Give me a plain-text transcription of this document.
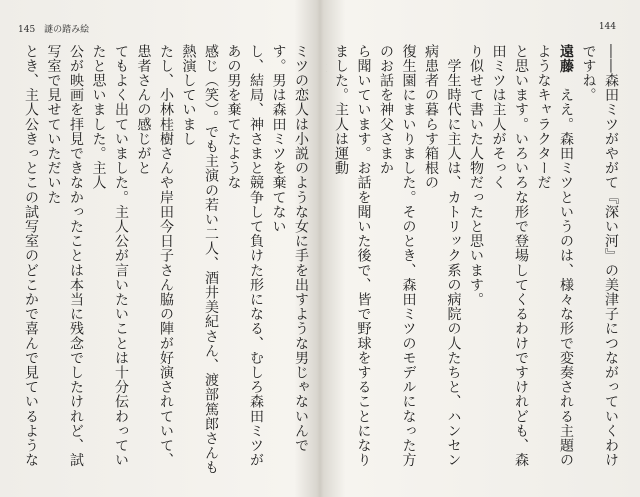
145 謎の踏み絵
ミツの恋人は小説のような女に手を出すような男じゃないんです。男は森田ミツを棄てない
し、結局、神さまと競争して負けた形になる、むしろ森田ミツがあの男を棄てたような
感じ（笑）。でも主演の若い二人、酒井美紀さん、渡部篤郎さんも熱演していまし
たし、小林桂樹さんや岸田今日子さん脇の陣が好演されていて、患者さんの感じがと
てもよく出ていました。主人公が言いたいことは十分伝わっていたと思いました。主人
公が映画を拝見できなかったことは本当に残念でしたけれど、試写室で見せていただいた
とき、主人公きっとこの試写室のどこかで喜んで見ているような

144
――森田ミツがやがて『深い河』の美津子につながっていくわけですね。
遠藤　ええ。森田ミツというのは、様々な形で変奏される主題のようなキャラクターだ
と思います。いろいろな形で登場してくるわけですけれども、森田ミツは主人がそっく
り似せて書いた人物だったと思います。
　学生時代に主人は、カトリック系の病院の人たちと、ハンセン病患者の暮らす箱根の
復生園にまいりました。そのとき、森田ミツのモデルになった方のお話を神父さまか
ら聞いています。お話を聞いた後で、皆で野球をすることになりました。主人は運動
